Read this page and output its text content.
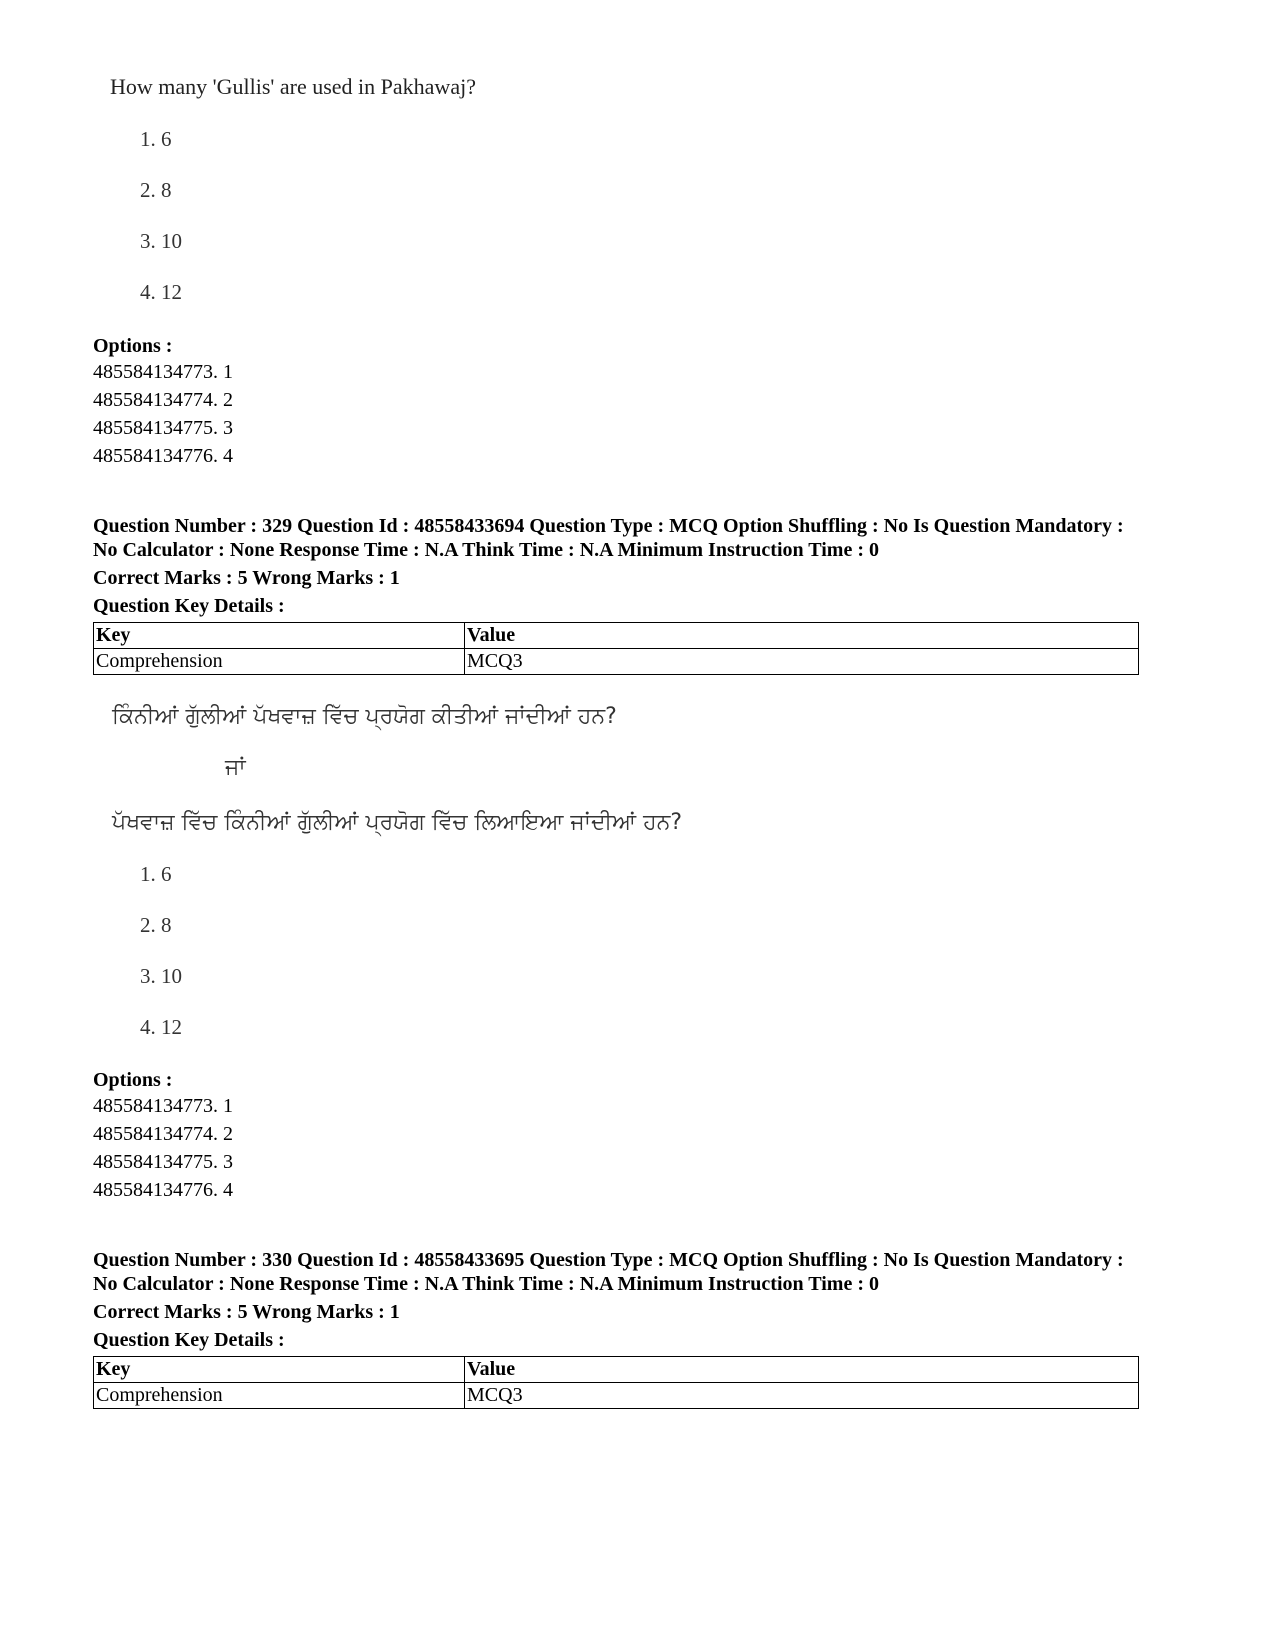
How many 'Gullis' are used in Pakhawaj?
1. 6
2. 8
3. 10
4. 12
Options :
485584134773. 1
485584134774. 2
485584134775. 3
485584134776. 4
Question Number : 329 Question Id : 48558433694 Question Type : MCQ Option Shuffling : No Is Question Mandatory :
No Calculator : None Response Time : N.A Think Time : N.A Minimum Instruction Time : 0
Correct Marks : 5 Wrong Marks : 1
Question Key Details :
Key	Value
Comprehension	MCQ3
ਕਿੰਨੀਆਂ ਗੁੱਲੀਆਂ ਪੱਖਵਾਜ਼ ਵਿੱਚ ਪ੍ਰਯੋਗ ਕੀਤੀਆਂ ਜਾਂਦੀਆਂ ਹਨ?
ਜਾਂ
ਪੱਖਵਾਜ਼ ਵਿੱਚ ਕਿੰਨੀਆਂ ਗੁੱਲੀਆਂ ਪ੍ਰਯੋਗ ਵਿੱਚ ਲਿਆਇਆ ਜਾਂਦੀਆਂ ਹਨ?
1. 6
2. 8
3. 10
4. 12
Options :
485584134773. 1
485584134774. 2
485584134775. 3
485584134776. 4
Question Number : 330 Question Id : 48558433695 Question Type : MCQ Option Shuffling : No Is Question Mandatory :
No Calculator : None Response Time : N.A Think Time : N.A Minimum Instruction Time : 0
Correct Marks : 5 Wrong Marks : 1
Question Key Details :
Key	Value
Comprehension	MCQ3
